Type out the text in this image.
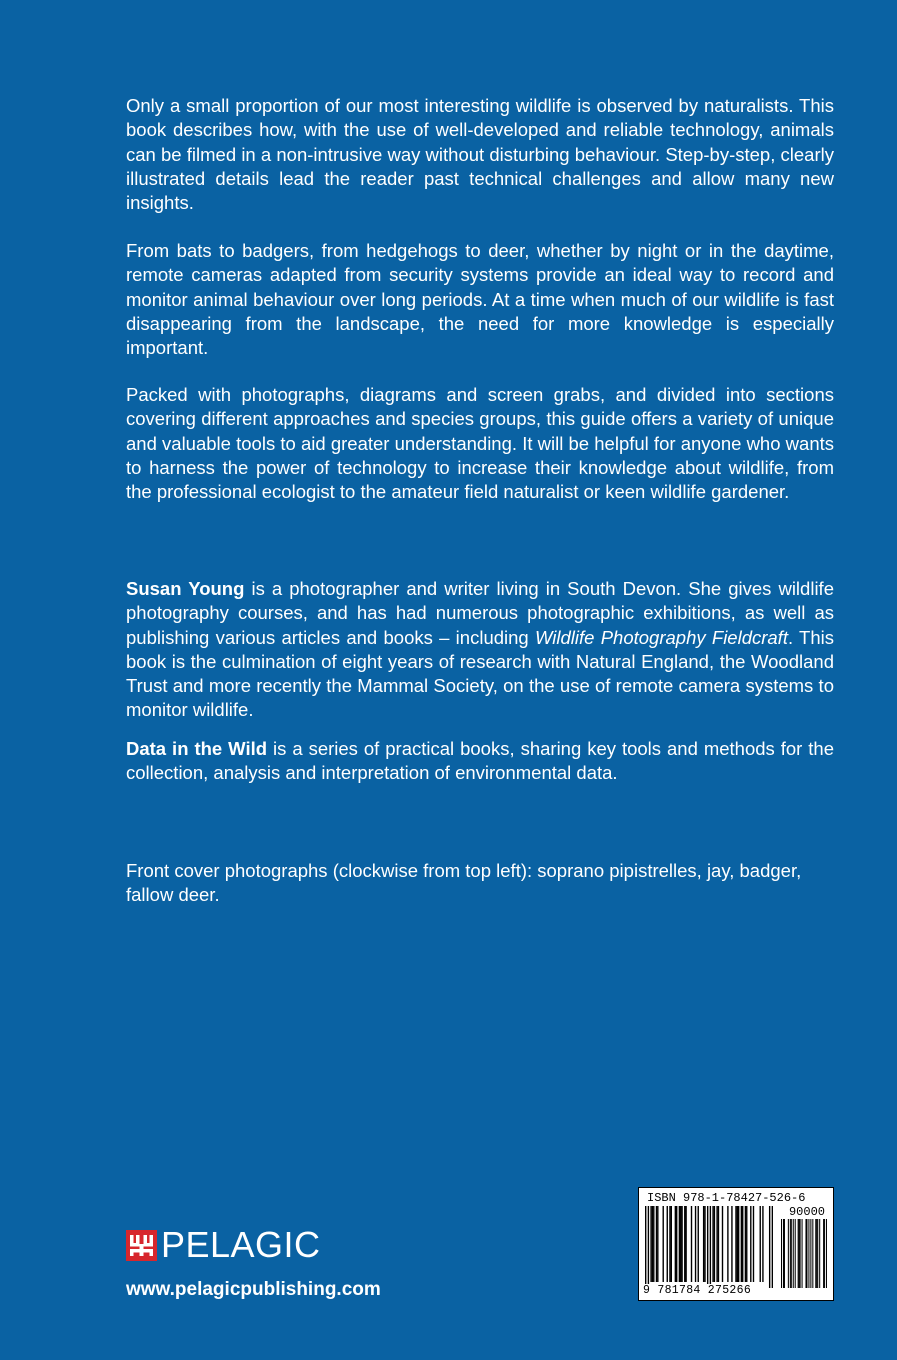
Only a small proportion of our most interesting wildlife is observed by naturalists. This book describes how, with the use of well-developed and reliable technology, animals can be filmed in a non-intrusive way without disturbing behaviour. Step-by-step, clearly illustrated details lead the reader past technical challenges and allow many new insights.

From bats to badgers, from hedgehogs to deer, whether by night or in the daytime, remote cameras adapted from security systems provide an ideal way to record and monitor animal behaviour over long periods. At a time when much of our wildlife is fast disappearing from the landscape, the need for more knowledge is especially important.

Packed with photographs, diagrams and screen grabs, and divided into sections covering different approaches and species groups, this guide offers a variety of unique and valuable tools to aid greater understanding. It will be helpful for anyone who wants to harness the power of technology to increase their knowledge about wildlife, from the professional ecologist to the amateur field naturalist or keen wildlife gardener.

Susan Young is a photographer and writer living in South Devon. She gives wildlife photography courses, and has had numerous photographic exhibitions, as well as publishing various articles and books – including Wildlife Photography Fieldcraft. This book is the culmination of eight years of research with Natural England, the Woodland Trust and more recently the Mammal Society, on the use of remote camera systems to monitor wildlife.

Data in the Wild is a series of practical books, sharing key tools and methods for the collection, analysis and interpretation of environmental data.

Front cover photographs (clockwise from top left): soprano pipistrelles, jay, badger, fallow deer.

PELAGIC
www.pelagicpublishing.com
ISBN 978-1-78427-526-6
90000
9 781784 275266
